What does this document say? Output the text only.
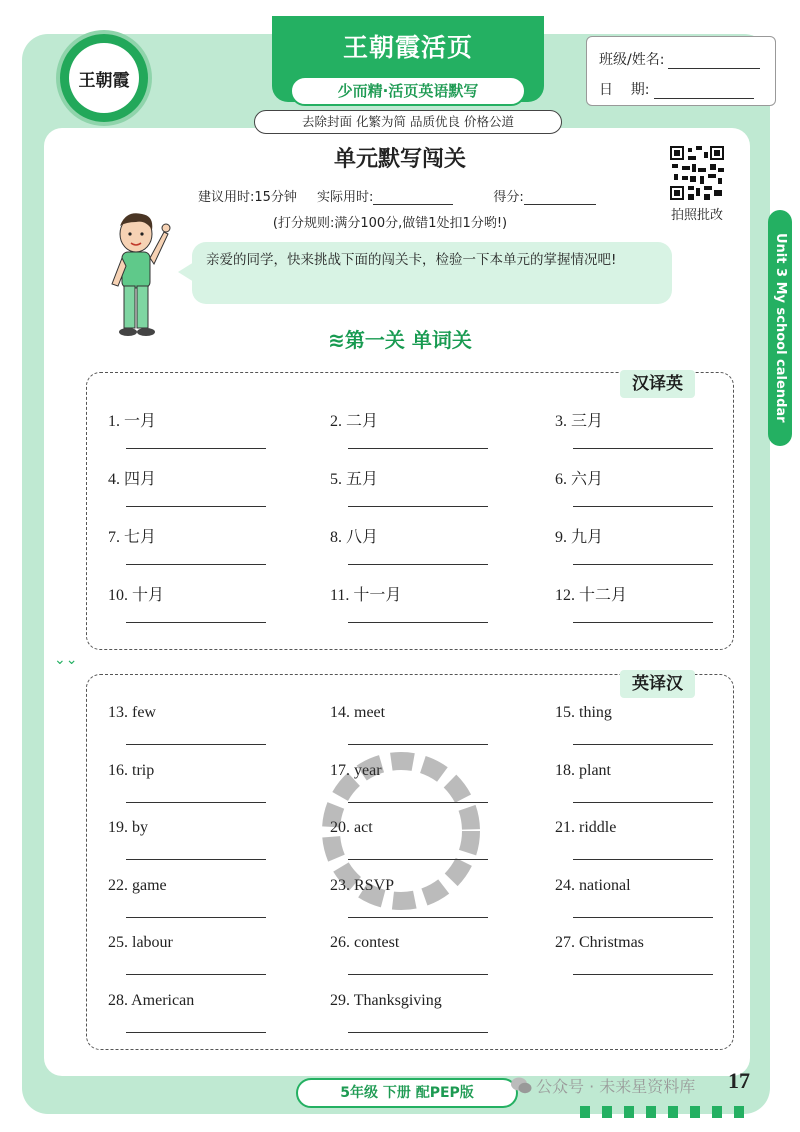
王朝霞
王朝霞活页
少而精·活页英语默写
去除封面 化繁为简 品质优良 价格公道
班级/姓名:
日    期:
单元默写闯关
建议用时:15分钟 实际用时:	得分:
(打分规则:满分100分,做错1处扣1分哟!)
拍照批改
Unit 3 My school calendar
亲爱的同学，快来挑战下面的闯关卡，检验一下本单元的掌握情况吧!
≋第一关 单词关
汉译英
英译汉
⌄⌄
1. 一月	2. 二月	3. 三月
4. 四月	5. 五月	6. 六月
7. 七月	8. 八月	9. 九月
10. 十月	11. 十一月	12. 十二月
13. few	14. meet	15. thing
16. trip	17. year	18. plant
19. by	20. act	21. riddle
22. game	23. RSVP	24. national
25. labour	26. contest	27. Christmas
28. American	29. Thanksgiving
5年级 下册 配PEP版	公众号 · 未来星资料库 17
